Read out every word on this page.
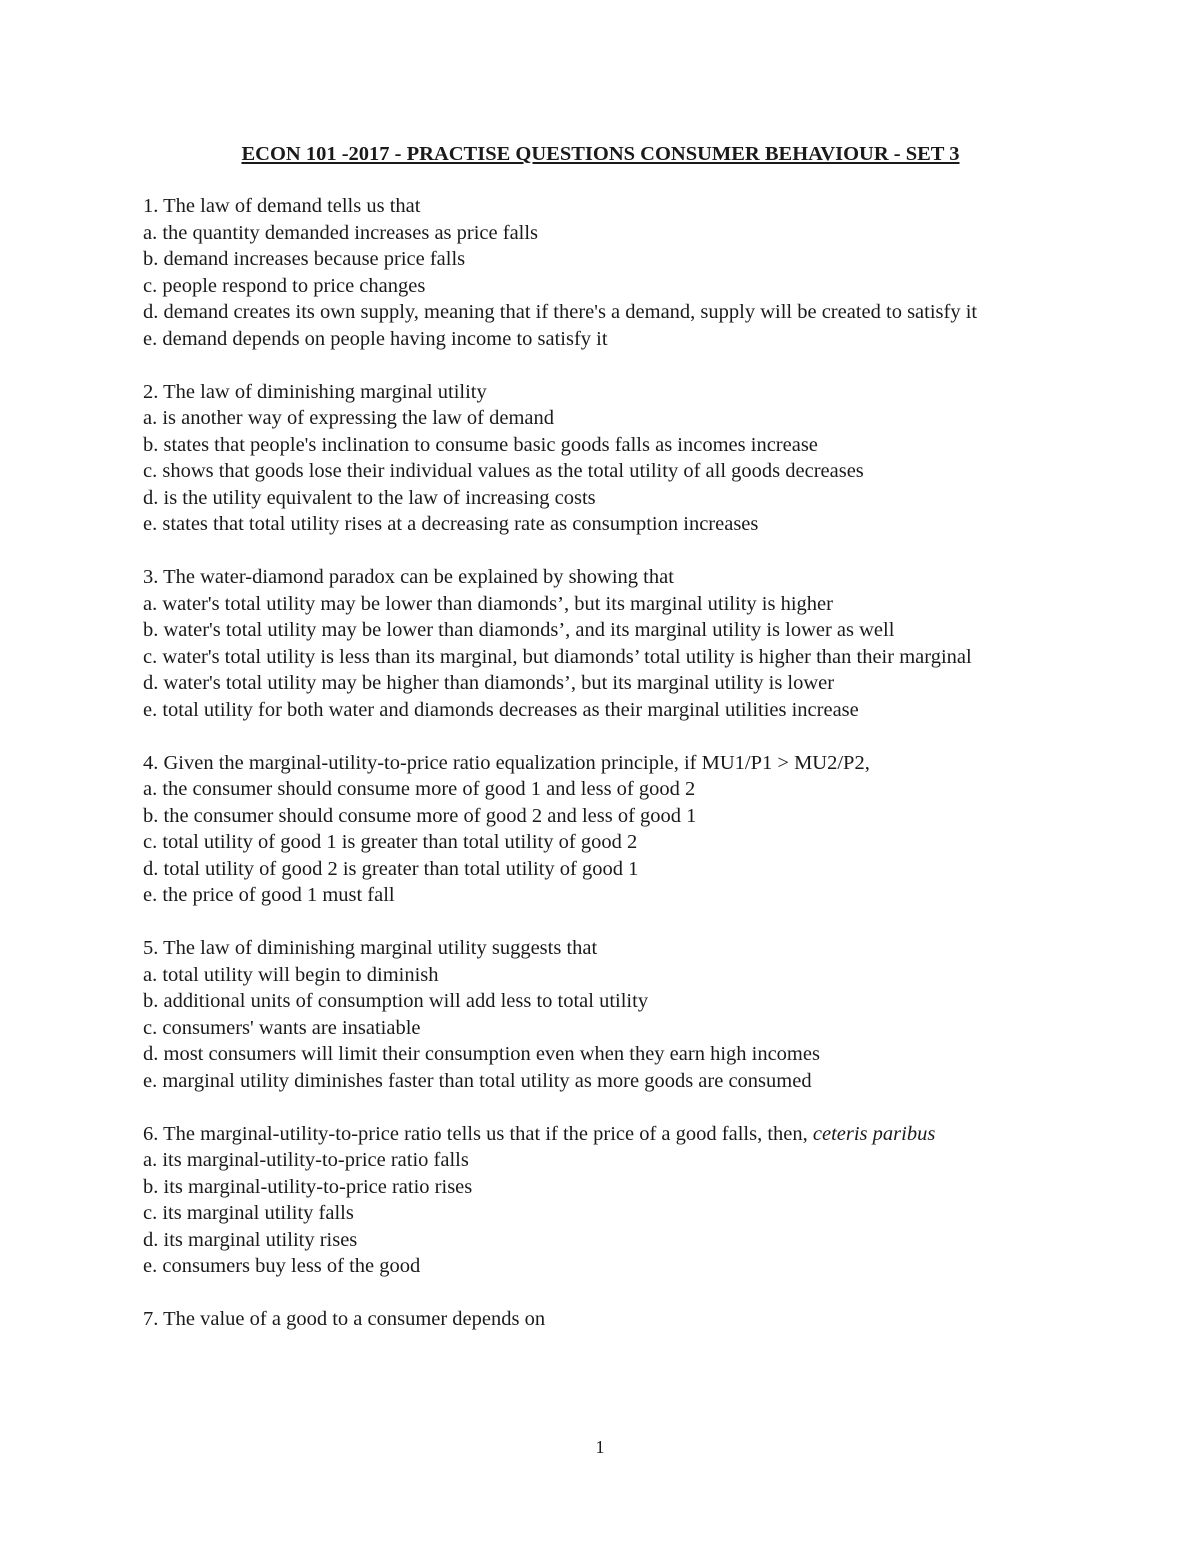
ECON 101 -2017 - PRACTISE QUESTIONS CONSUMER BEHAVIOUR - SET 3

1. The law of demand tells us that

a. the quantity demanded increases as price falls

b. demand increases because price falls

c. people respond to price changes

d. demand creates its own supply, meaning that if there's a demand, supply will be created to satisfy it

e. demand depends on people having income to satisfy it

2. The law of diminishing marginal utility

a. is another way of expressing the law of demand

b. states that people's inclination to consume basic goods falls as incomes increase

c. shows that goods lose their individual values as the total utility of all goods decreases

d. is the utility equivalent to the law of increasing costs

e. states that total utility rises at a decreasing rate as consumption increases

3. The water-diamond paradox can be explained by showing that

a. water's total utility may be lower than diamonds’, but its marginal utility is higher

b. water's total utility may be lower than diamonds’, and its marginal utility is lower as well

c. water's total utility is less than its marginal, but diamonds’ total utility is higher than their marginal

d. water's total utility may be higher than diamonds’, but its marginal utility is lower

e. total utility for both water and diamonds decreases as their marginal utilities increase

4. Given the marginal-utility-to-price ratio equalization principle, if MU1/P1 > MU2/P2,

a. the consumer should consume more of good 1 and less of good 2

b. the consumer should consume more of good 2 and less of good 1

c. total utility of good 1 is greater than total utility of good 2

d. total utility of good 2 is greater than total utility of good 1

e. the price of good 1 must fall

5. The law of diminishing marginal utility suggests that

a. total utility will begin to diminish

b. additional units of consumption will add less to total utility

c. consumers' wants are insatiable

d. most consumers will limit their consumption even when they earn high incomes

e. marginal utility diminishes faster than total utility as more goods are consumed

6. The marginal-utility-to-price ratio tells us that if the price of a good falls, then, ceteris paribus

a. its marginal-utility-to-price ratio falls

b. its marginal-utility-to-price ratio rises

c. its marginal utility falls

d. its marginal utility rises

e. consumers buy less of the good

7. The value of a good to a consumer depends on

1
